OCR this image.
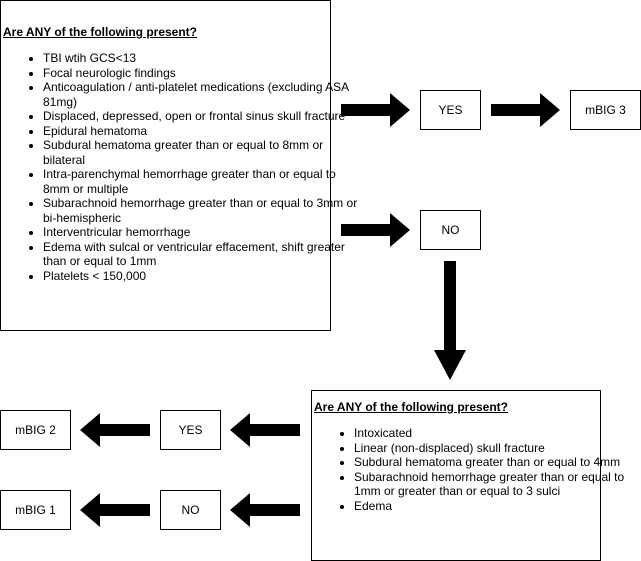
Are ANY of the following present?
• TBI wtih GCS<13
• Focal neurologic findings
• Anticoagulation / anti-platelet medications (excluding ASA 81mg)
• Displaced, depressed, open or frontal sinus skull fracture
• Epidural hematoma
• Subdural hematoma greater than or equal to 8mm or bilateral
• Intra-parenchymal hemorrhage greater than or equal to 8mm or multiple
• Subarachnoid hemorrhage greater than or equal to 3mm or bi-hemispheric
• Interventricular hemorrhage
• Edema with sulcal or ventricular effacement, shift greater than or equal to 1mm
• Platelets < 150,000
YES	mBIG 3
NO
Are ANY of the following present?
• Intoxicated
• Linear (non-displaced) skull fracture
• Subdural hematoma greater than or equal to 4mm
• Subarachnoid hemorrhage greater than or equal to 1mm or greater than or equal to 3 sulci
• Edema
YES
mBIG 2
NO
mBIG 1
